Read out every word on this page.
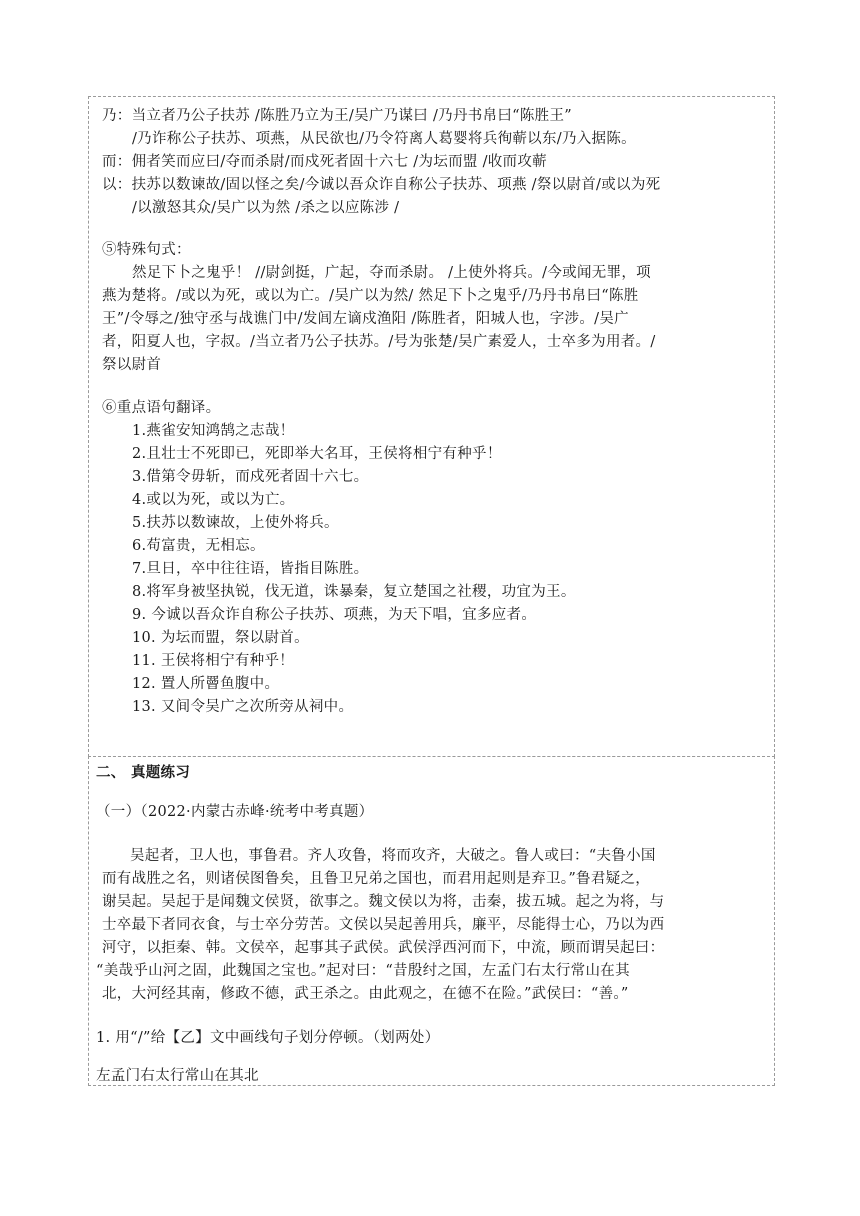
乃：当立者乃公子扶苏 /陈胜乃立为王/吴广乃谋曰 /乃丹书帛曰“陈胜王”
/乃诈称公子扶苏、项燕，从民欲也/乃令符离人葛婴将兵徇蕲以东/乃入据陈。
而：佣者笑而应曰/夺而杀尉/而戍死者固十六七 /为坛而盟 /收而攻蕲
以：扶苏以数谏故/固以怪之矣/今诚以吾众诈自称公子扶苏、项燕 /祭以尉首/或以为死
/以激怒其众/吴广以为然 /杀之以应陈涉 /
⑤特殊句式：
然足下卜之鬼乎！ //尉剑挺，广起，夺而杀尉。 /上使外将兵。/今或闻无罪，项
燕为楚将。/或以为死，或以为亡。/吴广以为然/ 然足下卜之鬼乎/乃丹书帛曰“陈胜
王”/令辱之/独守丞与战谯门中/发闾左谪戍渔阳 /陈胜者，阳城人也，字涉。/吴广
者，阳夏人也，字叔。/当立者乃公子扶苏。/号为张楚/吴广素爱人，士卒多为用者。/
祭以尉首
⑥重点语句翻译。
1.燕雀安知鸿鹄之志哉！
2.且壮士不死即已，死即举大名耳，王侯将相宁有种乎！
3.借第令毋斩，而戍死者固十六七。
4.或以为死，或以为亡。
5.扶苏以数谏故，上使外将兵。
6.苟富贵，无相忘。
7.旦日，卒中往往语，皆指目陈胜。
8.将军身被坚执锐，伐无道，诛暴秦，复立楚国之社稷，功宜为王。
9. 今诚以吾众诈自称公子扶苏、项燕，为天下唱，宜多应者。
10. 为坛而盟，祭以尉首。
11. 王侯将相宁有种乎！
12. 置人所罾鱼腹中。
13. 又间令吴广之次所旁从祠中。
二、 真题练习
（一）（2022·内蒙古赤峰·统考中考真题）
吴起者，卫人也，事鲁君。齐人攻鲁，将而攻齐，大破之。鲁人或曰：“夫鲁小国
而有战胜之名，则诸侯图鲁矣，且鲁卫兄弟之国也，而君用起则是弃卫。”鲁君疑之，
谢吴起。吴起于是闻魏文侯贤，欲事之。魏文侯以为将，击秦，拔五城。起之为将，与
士卒最下者同衣食，与士卒分劳苦。文侯以吴起善用兵，廉平，尽能得士心，乃以为西
河守，以拒秦、韩。文侯卒，起事其子武侯。武侯浮西河而下，中流，顾而谓吴起曰：
“美哉乎山河之固，此魏国之宝也。”起对曰：“昔殷纣之国，左孟门右太行常山在其
北，大河经其南，修政不德，武王杀之。由此观之，在德不在险。”武侯曰：“善。”
1. 用“/”给【乙】文中画线句子划分停顿。（划两处）
左孟门右太行常山在其北
